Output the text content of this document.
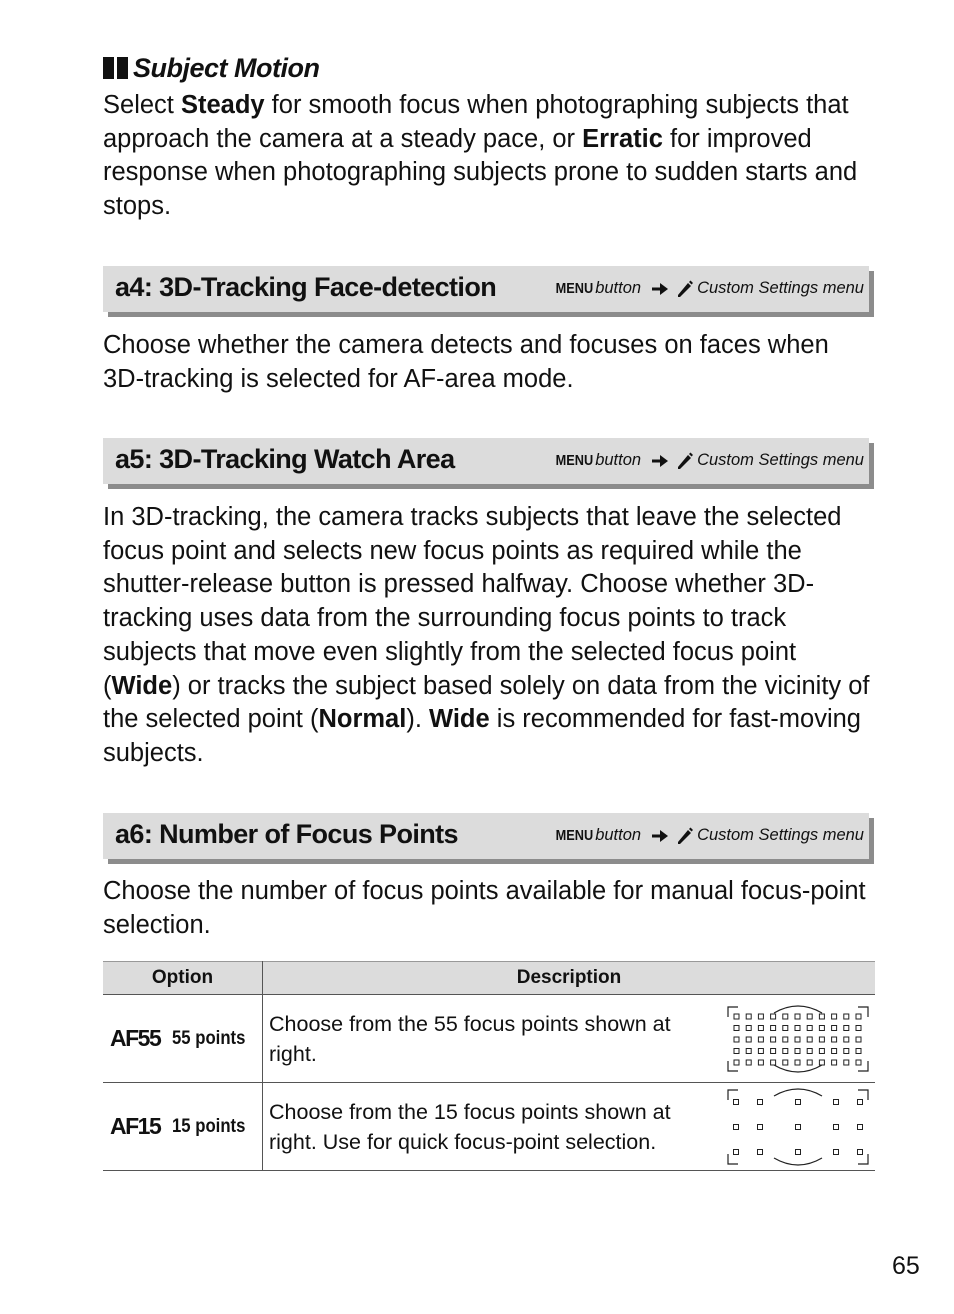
Subject Motion

Select Steady for smooth focus when photographing subjects that approach the camera at a steady pace, or Erratic for improved response when photographing subjects prone to sudden starts and stops.

a4: 3D-Tracking Face-detection	MENU button	Custom Settings menu

Choose whether the camera detects and focuses on faces when 3D-tracking is selected for AF-area mode.

a5: 3D-Tracking Watch Area	MENU button	Custom Settings menu

In 3D-tracking, the camera tracks subjects that leave the selected focus point and selects new focus points as required while the shutter-release button is pressed halfway. Choose whether 3D-tracking uses data from the surrounding focus points to track subjects that move even slightly from the selected focus point (Wide) or tracks the subject based solely on data from the vicinity of the selected point (Normal). Wide is recommended for fast-moving subjects.

a6: Number of Focus Points	MENU button	Custom Settings menu

Choose the number of focus points available for manual focus-point selection.

Option	Description

AF55 55 points	Choose from the 55 focus points shown at right.

AF15 15 points	Choose from the 15 focus points shown at right. Use for quick focus-point selection.
65
